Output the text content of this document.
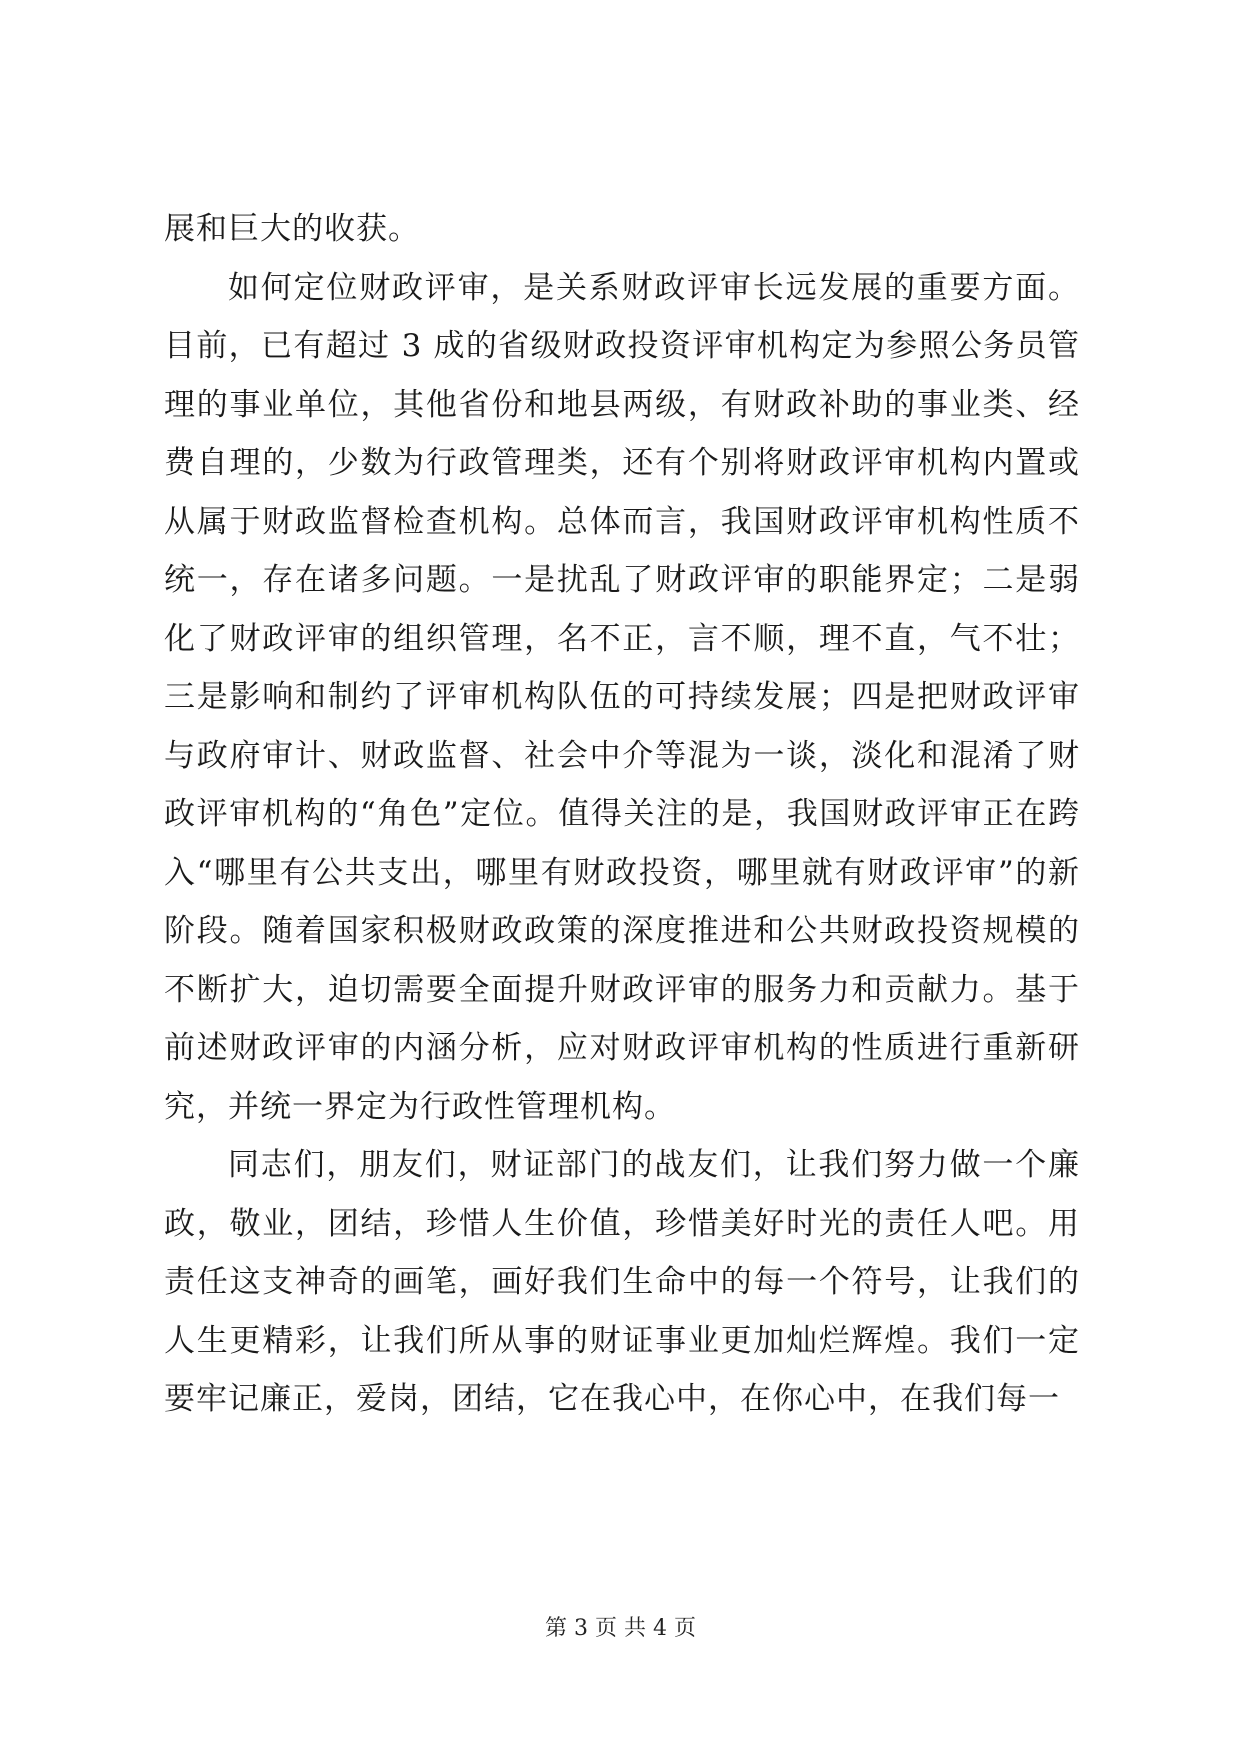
展和巨大的收获。

如何定位财政评审，是关系财政评审长远发展的重要方面。目前，已有超过 3 成的省级财政投资评审机构定为参照公务员管理的事业单位，其他省份和地县两级，有财政补助的事业类、经费自理的，少数为行政管理类，还有个别将财政评审机构内置或从属于财政监督检查机构。总体而言，我国财政评审机构性质不统一，存在诸多问题。一是扰乱了财政评审的职能界定；二是弱化了财政评审的组织管理，名不正，言不顺，理不直，气不壮；三是影响和制约了评审机构队伍的可持续发展；四是把财政评审与政府审计、财政监督、社会中介等混为一谈，淡化和混淆了财政评审机构的“角色”定位。值得关注的是，我国财政评审正在跨入“哪里有公共支出，哪里有财政投资，哪里就有财政评审”的新阶段。随着国家积极财政政策的深度推进和公共财政投资规模的不断扩大，迫切需要全面提升财政评审的服务力和贡献力。基于前述财政评审的内涵分析，应对财政评审机构的性质进行重新研究，并统一界定为行政性管理机构。

同志们，朋友们，财证部门的战友们，让我们努力做一个廉政，敬业，团结，珍惜人生价值，珍惜美好时光的责任人吧。用责任这支神奇的画笔，画好我们生命中的每一个符号，让我们的人生更精彩，让我们所从事的财证事业更加灿烂辉煌。我们一定要牢记廉正，爱岗，团结，它在我心中，在你心中，在我们每一

第 3 页 共 4 页
